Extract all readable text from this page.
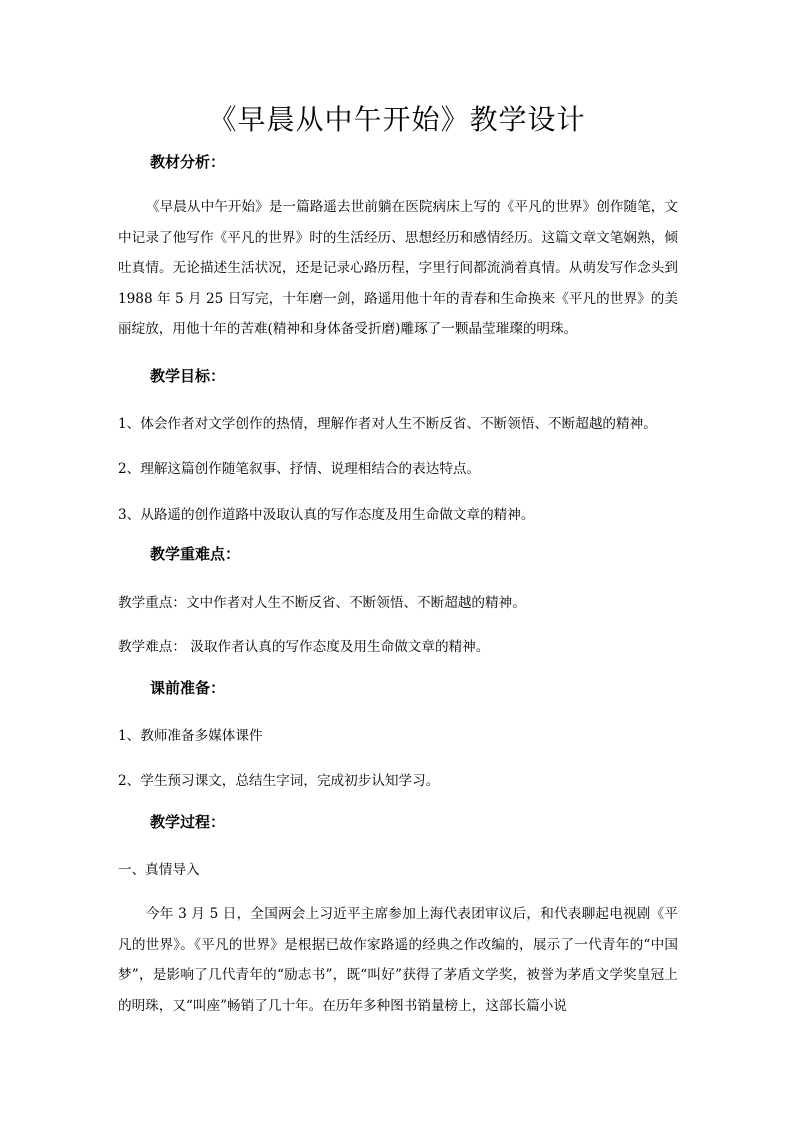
《早晨从中午开始》教学设计
教材分析：

《早晨从中午开始》是一篇路遥去世前躺在医院病床上写的《平凡的世界》创作随笔，文中记录了他写作《平凡的世界》时的生活经历、思想经历和感情经历。这篇文章文笔娴熟，倾吐真情。无论描述生活状况，还是记录心路历程，字里行间都流淌着真情。从萌发写作念头到 1988 年 5 月 25 日写完，十年磨一剑，路遥用他十年的青春和生命换来《平凡的世界》的美丽绽放，用他十年的苦难(精神和身体备受折磨)雕琢了一颗晶莹璀璨的明珠。

教学目标：

1、体会作者对文学创作的热情，理解作者对人生不断反省、不断领悟、不断超越的精神。

2、理解这篇创作随笔叙事、抒情、说理相结合的表达特点。

3、从路遥的创作道路中汲取认真的写作态度及用生命做文章的精神。

教学重难点：

教学重点：文中作者对人生不断反省、不断领悟、不断超越的精神。

教学难点： 汲取作者认真的写作态度及用生命做文章的精神。

课前准备：

1、教师准备多媒体课件

2、学生预习课文，总结生字词，完成初步认知学习。

教学过程：

一、真情导入

今年 3 月 5 日，全国两会上习近平主席参加上海代表团审议后，和代表聊起电视剧《平凡的世界》。《平凡的世界》是根据已故作家路遥的经典之作改编的，展示了一代青年的“中国梦”，是影响了几代青年的“励志书”，既“叫好”获得了茅盾文学奖，被誉为茅盾文学奖皇冠上的明珠，又“叫座”畅销了几十年。在历年多种图书销量榜上，这部长篇小说
